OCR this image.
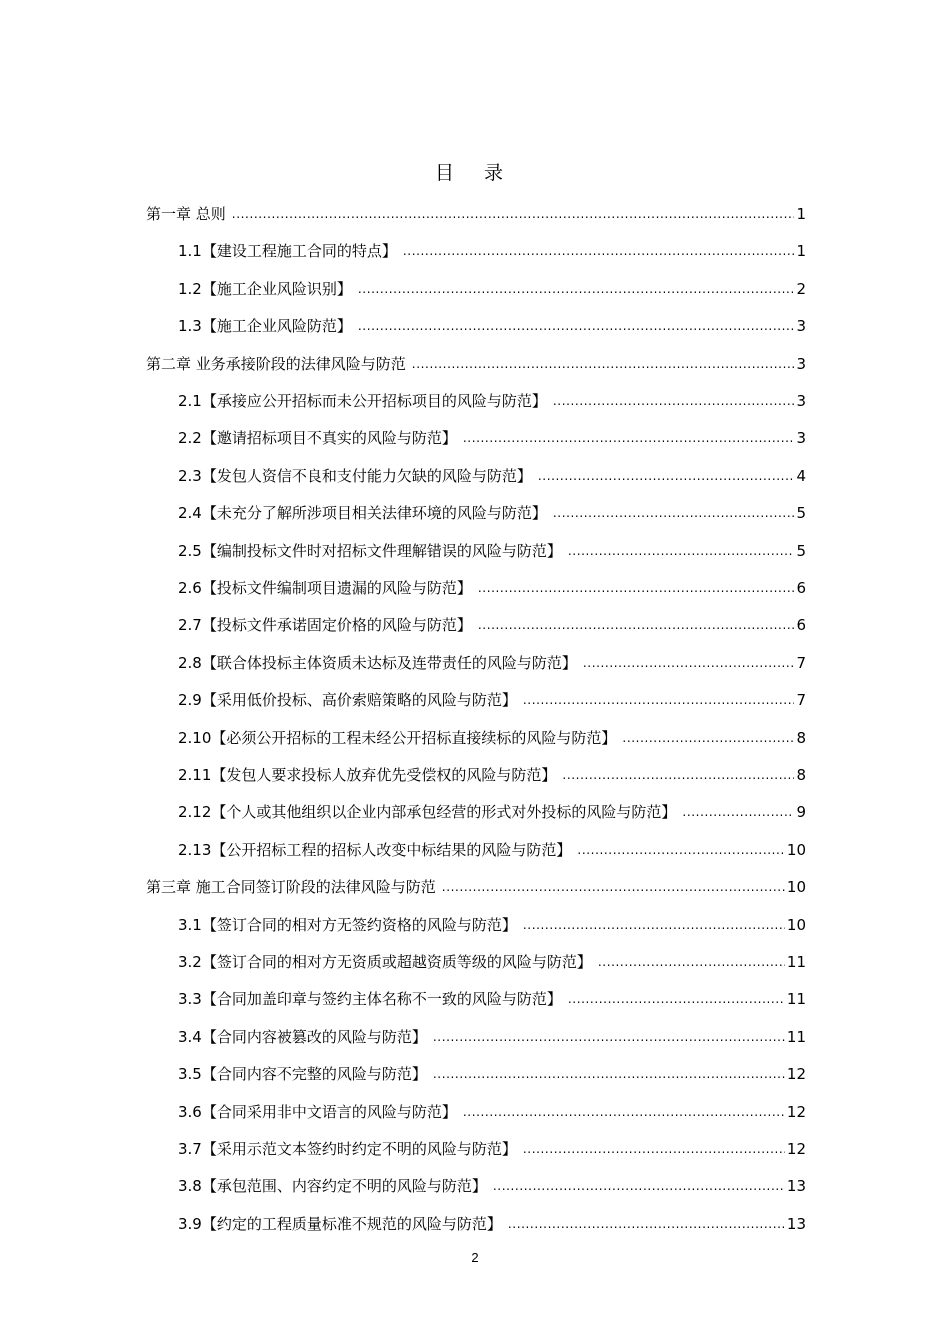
目 录
第一章 总则 .....	1
1.1【建设工程施工合同的特点】 .....	1
1.2【施工企业风险识别】 .....	2
1.3【施工企业风险防范】 .....	3
第二章 业务承接阶段的法律风险与防范 .....	3
2.1【承接应公开招标而未公开招标项目的风险与防范】 .....	3
2.2【邀请招标项目不真实的风险与防范】 .....	3
2.3【发包人资信不良和支付能力欠缺的风险与防范】 .....	4
2.4【未充分了解所涉项目相关法律环境的风险与防范】 .....	5
2.5【编制投标文件时对招标文件理解错误的风险与防范】 .....	5
2.6【投标文件编制项目遗漏的风险与防范】 .....	6
2.7【投标文件承诺固定价格的风险与防范】 .....	6
2.8【联合体投标主体资质未达标及连带责任的风险与防范】 .....	7
2.9【采用低价投标、高价索赔策略的风险与防范】 .....	7
2.10【必须公开招标的工程未经公开招标直接续标的风险与防范】 .....	8
2.11【发包人要求投标人放弃优先受偿权的风险与防范】 .....	8
2.12【个人或其他组织以企业内部承包经营的形式对外投标的风险与防范】 .....	9
2.13【公开招标工程的招标人改变中标结果的风险与防范】 .....	10
第三章 施工合同签订阶段的法律风险与防范 .....	10
3.1【签订合同的相对方无签约资格的风险与防范】 .....	10
3.2【签订合同的相对方无资质或超越资质等级的风险与防范】 .....	11
3.3【合同加盖印章与签约主体名称不一致的风险与防范】 .....	11
3.4【合同内容被篡改的风险与防范】 .....	11
3.5【合同内容不完整的风险与防范】 .....	12
3.6【合同采用非中文语言的风险与防范】 .....	12
3.7【采用示范文本签约时约定不明的风险与防范】 .....	12
3.8【承包范围、内容约定不明的风险与防范】 .....	13
3.9【约定的工程质量标准不规范的风险与防范】 .....	13
2
